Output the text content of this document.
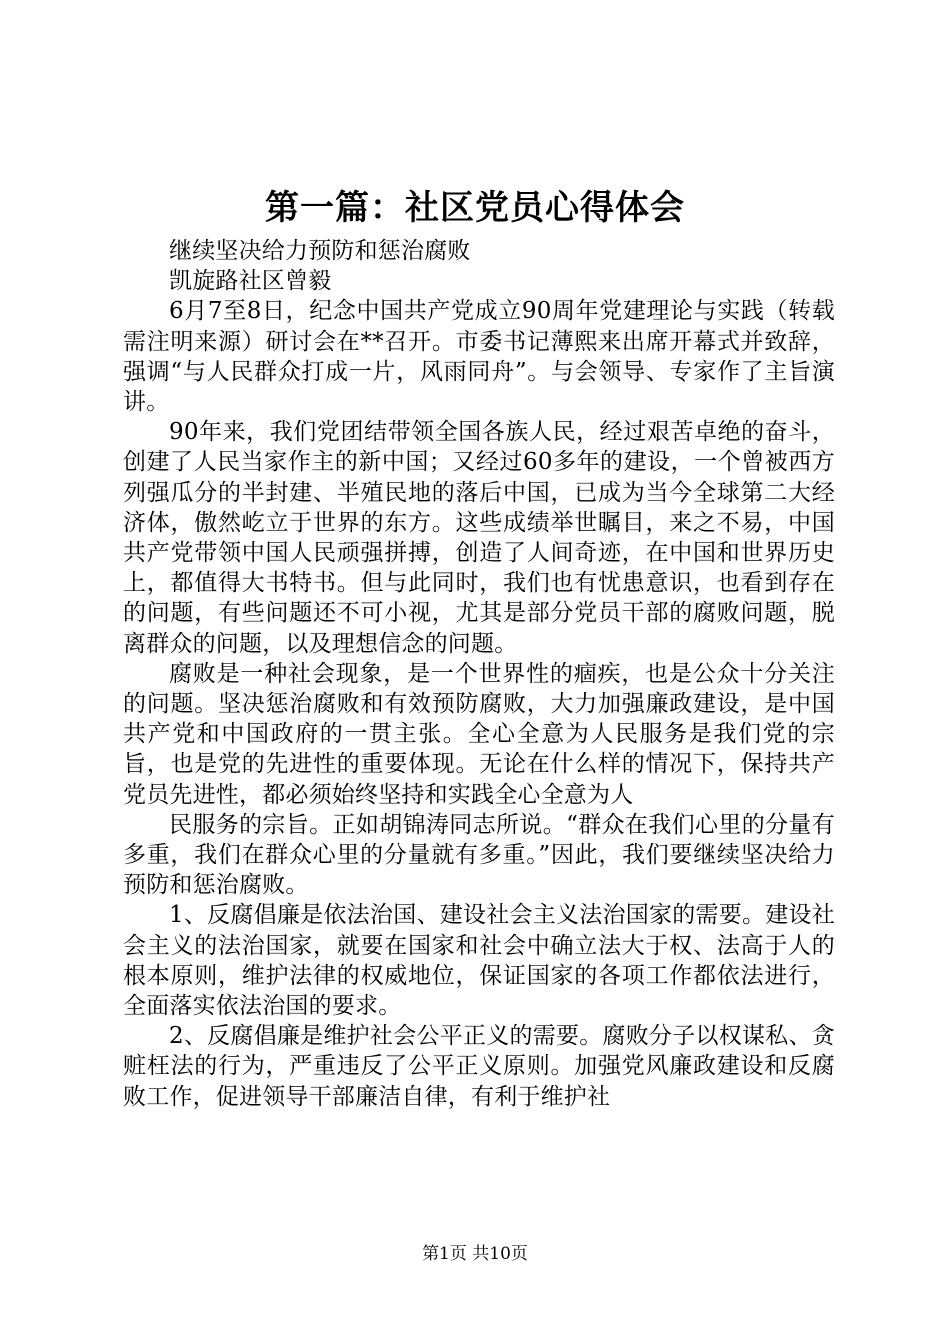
第一篇：社区党员心得体会

继续坚决给力预防和惩治腐败

凯旋路社区曾毅

6月7至8日，纪念中国共产党成立90周年党建理论与实践（转载需注明来源）研讨会在**召开。市委书记薄熙来出席开幕式并致辞，强调“与人民群众打成一片，风雨同舟”。与会领导、专家作了主旨演讲。

90年来，我们党团结带领全国各族人民，经过艰苦卓绝的奋斗，创建了人民当家作主的新中国；又经过60多年的建设，一个曾被西方列强瓜分的半封建、半殖民地的落后中国，已成为当今全球第二大经济体，傲然屹立于世界的东方。这些成绩举世瞩目，来之不易，中国共产党带领中国人民顽强拼搏，创造了人间奇迹，在中国和世界历史上，都值得大书特书。但与此同时，我们也有忧患意识，也看到存在的问题，有些问题还不可小视，尤其是部分党员干部的腐败问题，脱离群众的问题，以及理想信念的问题。

腐败是一种社会现象，是一个世界性的痼疾，也是公众十分关注的问题。坚决惩治腐败和有效预防腐败，大力加强廉政建设，是中国共产党和中国政府的一贯主张。全心全意为人民服务是我们党的宗旨，也是党的先进性的重要体现。无论在什么样的情况下，保持共产党员先进性，都必须始终坚持和实践全心全意为人

民服务的宗旨。正如胡锦涛同志所说。“群众在我们心里的分量有多重，我们在群众心里的分量就有多重。”因此，我们要继续坚决给力预防和惩治腐败。

1、反腐倡廉是依法治国、建设社会主义法治国家的需要。建设社会主义的法治国家，就要在国家和社会中确立法大于权、法高于人的根本原则，维护法律的权威地位，保证国家的各项工作都依法进行，全面落实依法治国的要求。

2、反腐倡廉是维护社会公平正义的需要。腐败分子以权谋私、贪赃枉法的行为，严重违反了公平正义原则。加强党风廉政建设和反腐败工作，促进领导干部廉洁自律，有利于维护社

第1页 共10页
